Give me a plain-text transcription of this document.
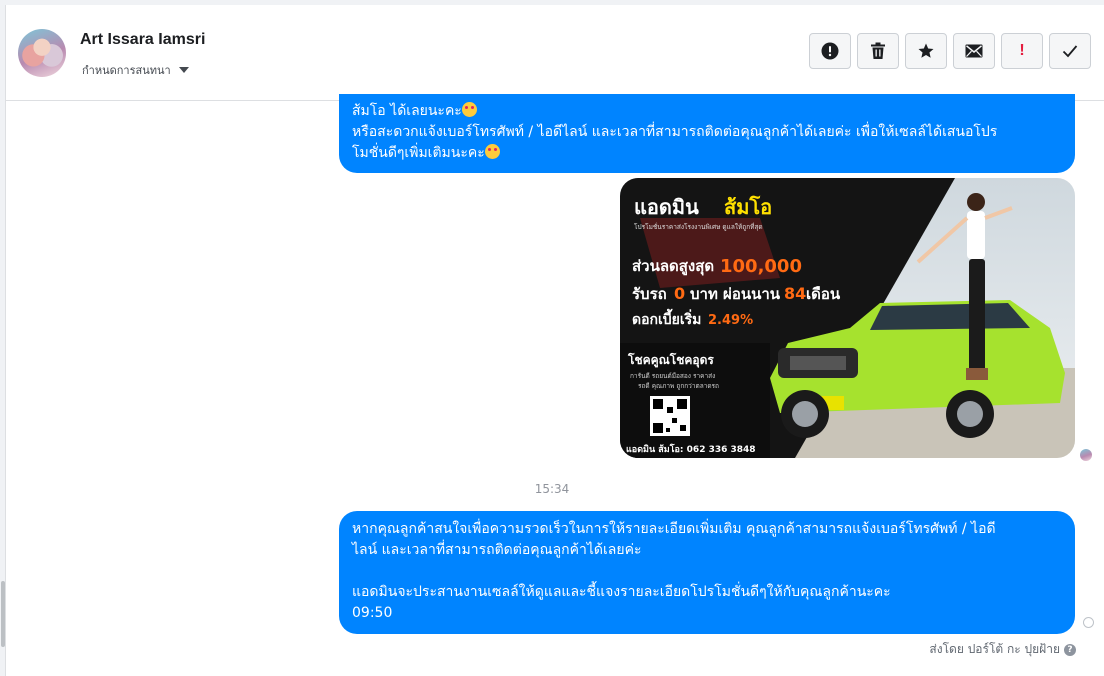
Art Issara Iamsri
กำหนดการสนทนา
!

ส้มโอ ได้เลยนะคะ

หรือสะดวกแจ้งเบอร์โทรศัพท์ / ไอดีไลน์ และเวลาที่สามารถติดต่อคุณลูกค้าได้เลยค่ะ เพื่อให้เซลล์ได้เสนอโปร

โมชั่นดีๆเพิ่มเติมนะคะ

แอดมิน ส้มโอ
โปรโมชั่นราคาส่งโรงงานพิเศษ ดูแลให้ถูกที่สุด
ส่วนลดสูงสุด 100,000
รับรถ 0 บาท ผ่อนนาน 84 เดือน
ดอกเบี้ยเริ่ม 2.49%
โชคคูณโชคอุดร
การันตี รถยนต์มือสอง ราคาส่ง
รถดี คุณภาพ ถูกกว่าตลาดรถ
แอดมิน ส้มโอ: 062 336 3848
15:34

หากคุณลูกค้าสนใจเพื่อความรวดเร็วในการให้รายละเอียดเพิ่มเติม คุณลูกค้าสามารถแจ้งเบอร์โทรศัพท์ / ไอดี

ไลน์ และเวลาที่สามารถติดต่อคุณลูกค้าได้เลยค่ะ

แอดมินจะประสานงานเซลล์ให้ดูแลและชี้แจงรายละเอียดโปรโมชั่นดีๆให้กับคุณลูกค้านะคะ

09:50

ส่งโดย ปอร์โต้ กะ ปุยฝ้าย ?
